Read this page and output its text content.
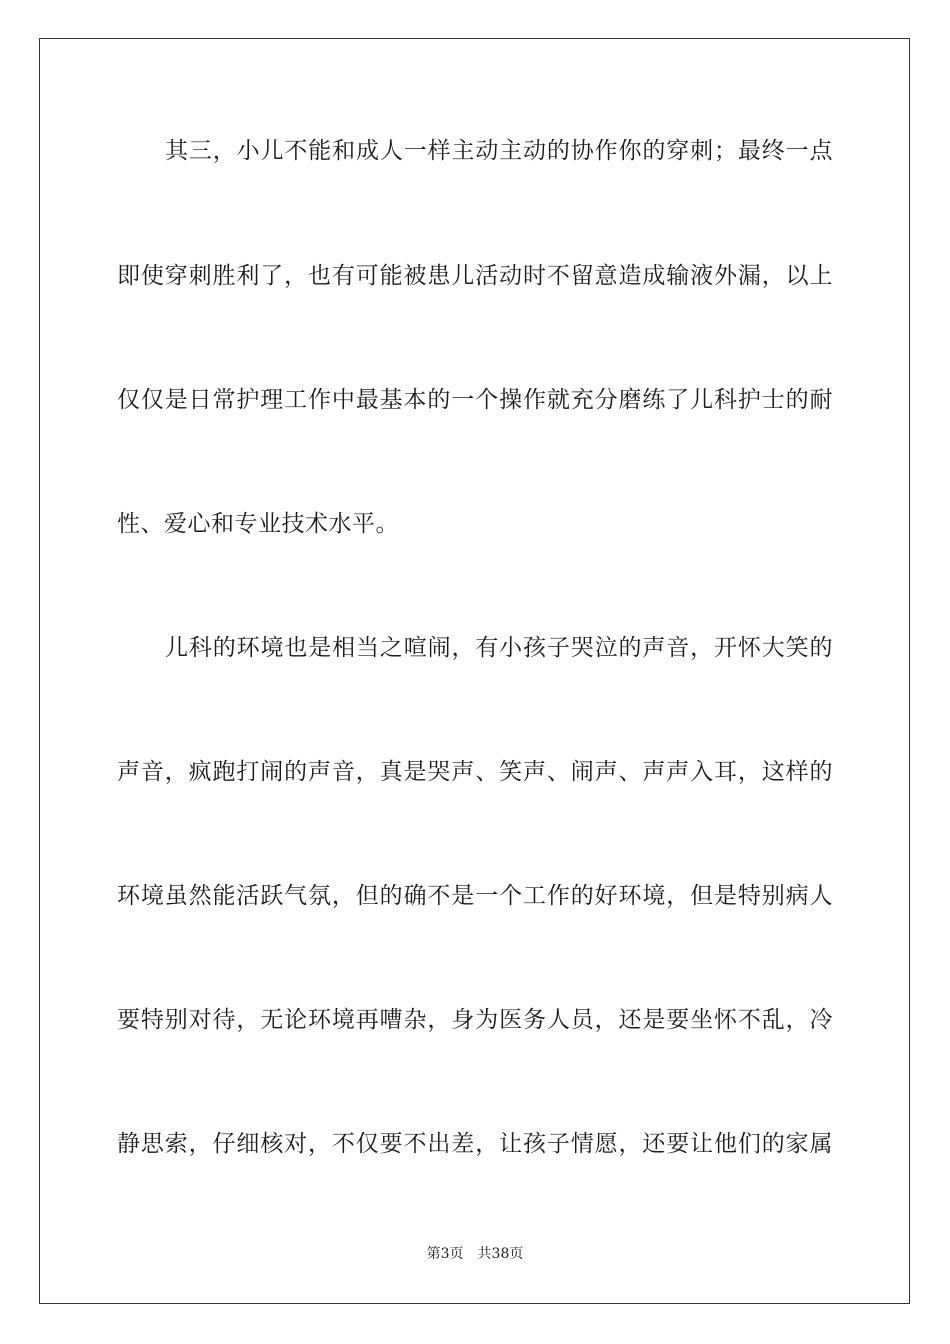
其三，小儿不能和成人一样主动主动的协作你的穿刺；最终一点
即使穿刺胜利了，也有可能被患儿活动时不留意造成输液外漏，以上
仅仅是日常护理工作中最基本的一个操作就充分磨练了儿科护士的耐
性、爱心和专业技术水平。
儿科的环境也是相当之喧闹，有小孩子哭泣的声音，开怀大笑的
声音，疯跑打闹的声音，真是哭声、笑声、闹声、声声入耳，这样的
环境虽然能活跃气氛，但的确不是一个工作的好环境，但是特别病人
要特别对待，无论环境再嘈杂，身为医务人员，还是要坐怀不乱，冷
静思索，仔细核对，不仅要不出差，让孩子情愿，还要让他们的家属
第3页 共38页
